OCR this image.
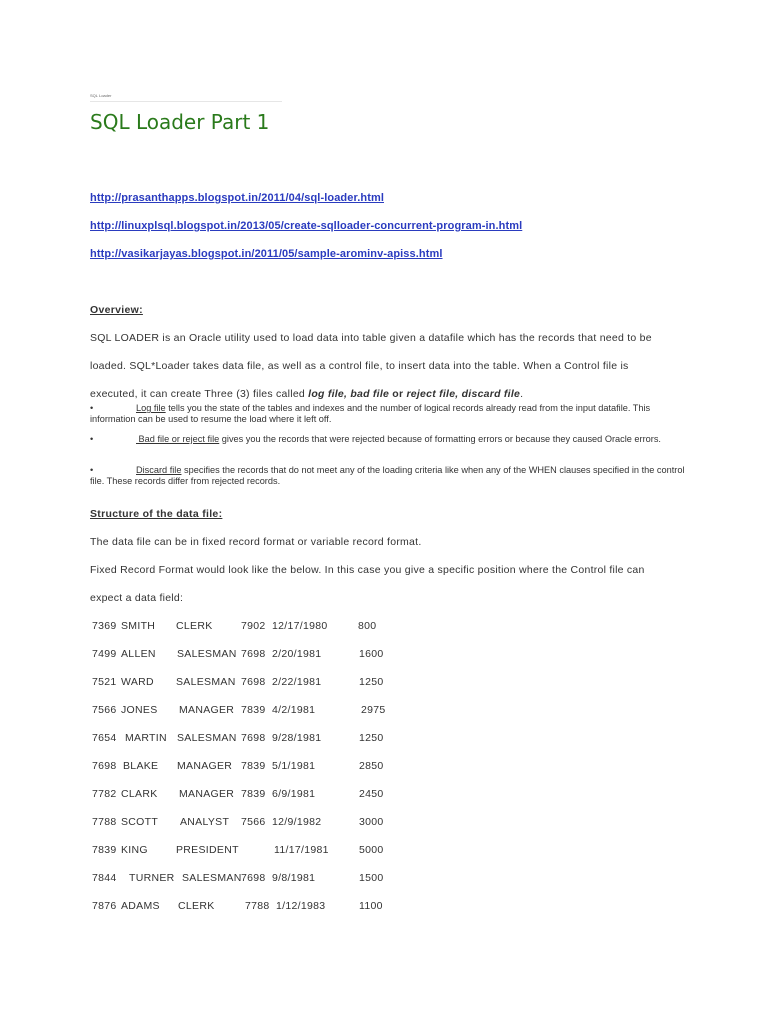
SQL Loader
SQL Loader Part 1
http://prasanthapps.blogspot.in/2011/04/sql-loader.html
http://linuxplsql.blogspot.in/2013/05/create-sqlloader-concurrent-program-in.html
http://vasikarjayas.blogspot.in/2011/05/sample-arominv-apiss.html
Overview:
SQL LOADER is an Oracle utility used to load data into table given a datafile which has the records that need to be
loaded. SQL*Loader takes data file, as well as a control file, to insert data into the table. When a Control file is
executed, it can create Three (3) files called log file, bad file or reject file, discard file.
•	Log file tells you the state of the tables and indexes and the number of logical records already read from the input datafile. This information can be used to resume the load where it left off.
•	Bad file or reject file gives you the records that were rejected because of formatting errors or because they caused Oracle errors.
•	Discard file specifies the records that do not meet any of the loading criteria like when any of the WHEN clauses specified in the control file. These records differ from rejected records.
Structure of the data file:
The data file can be in fixed record format or variable record format.
Fixed Record Format would look like the below. In this case you give a specific position where the Control file can
expect a data field:
7369 SMITH CLERK	7902 12/17/1980	800
7499 ALLEN SALESMAN 7698 2/20/1981	1600
7521 WARD SALESMAN 7698 2/22/1981	1250
7566 JONES MANAGER 7839 4/2/1981	2975
7654 MARTIN SALESMAN 7698 9/28/1981	1250
7698 BLAKE MANAGER 7839 5/1/1981	2850
7782 CLARK MANAGER 7839 6/9/1981	2450
7788 SCOTT ANALYST 7566 12/9/1982	3000
7839 KING	PRESIDENT	11/17/1981	5000
7844 TURNER SALESMAN 7698 9/8/1981	1500
7876 ADAMS CLERK	7788 1/12/1983	1100
